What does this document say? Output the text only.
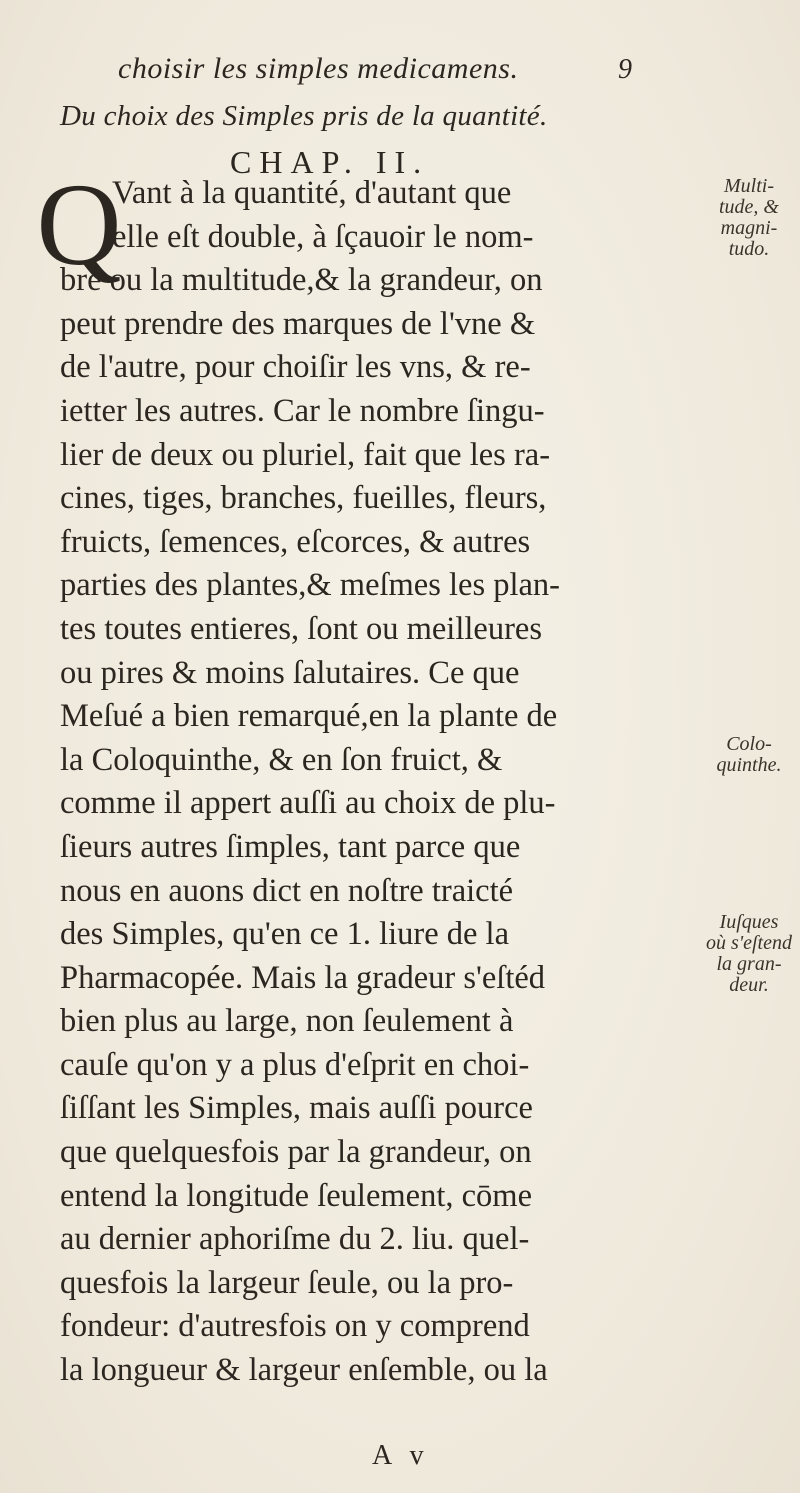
choisir les simples medicamens.	9
Du choix des Simples pris de la quantité.
CHAP. II.
Q
Vant à la quantité, d'autant que
elle eſt double, à ſçauoir le nom-
bre ou la multitude,& la grandeur, on
peut prendre des marques de l'vne &
de l'autre, pour choiſir les vns, & re-
ietter les autres. Car le nombre ſingu-
lier de deux ou pluriel, fait que les ra-
cines, tiges, branches, fueilles, fleurs,
fruicts, ſemences, eſcorces, & autres
parties des plantes,& meſmes les plan-
tes toutes entieres, ſont ou meilleures
ou pires & moins ſalutaires. Ce que
Meſué a bien remarqué,en la plante de
la Coloquinthe, & en ſon fruict, &
comme il appert auſſi au choix de plu-
ſieurs autres ſimples, tant parce que
nous en auons dict en noſtre traicté
des Simples, qu'en ce 1. liure de la
Pharmacopée. Mais la gradeur s'eſtéd
bien plus au large, non ſeulement à
cauſe qu'on y a plus d'eſprit en choi-
ſiſſant les Simples, mais auſſi pource
que quelquesfois par la grandeur, on
entend la longitude ſeulement, cōme
au dernier aphoriſme du 2. liu. quel-
quesfois la largeur ſeule, ou la pro-
fondeur: d'autresfois on y comprend
la longueur & largeur enſemble, ou la
Multi-
tude, &
magni-
tudo.
Colo-
quinthe.
Iuſques
où s'eſtend
la gran-
deur.
A v
